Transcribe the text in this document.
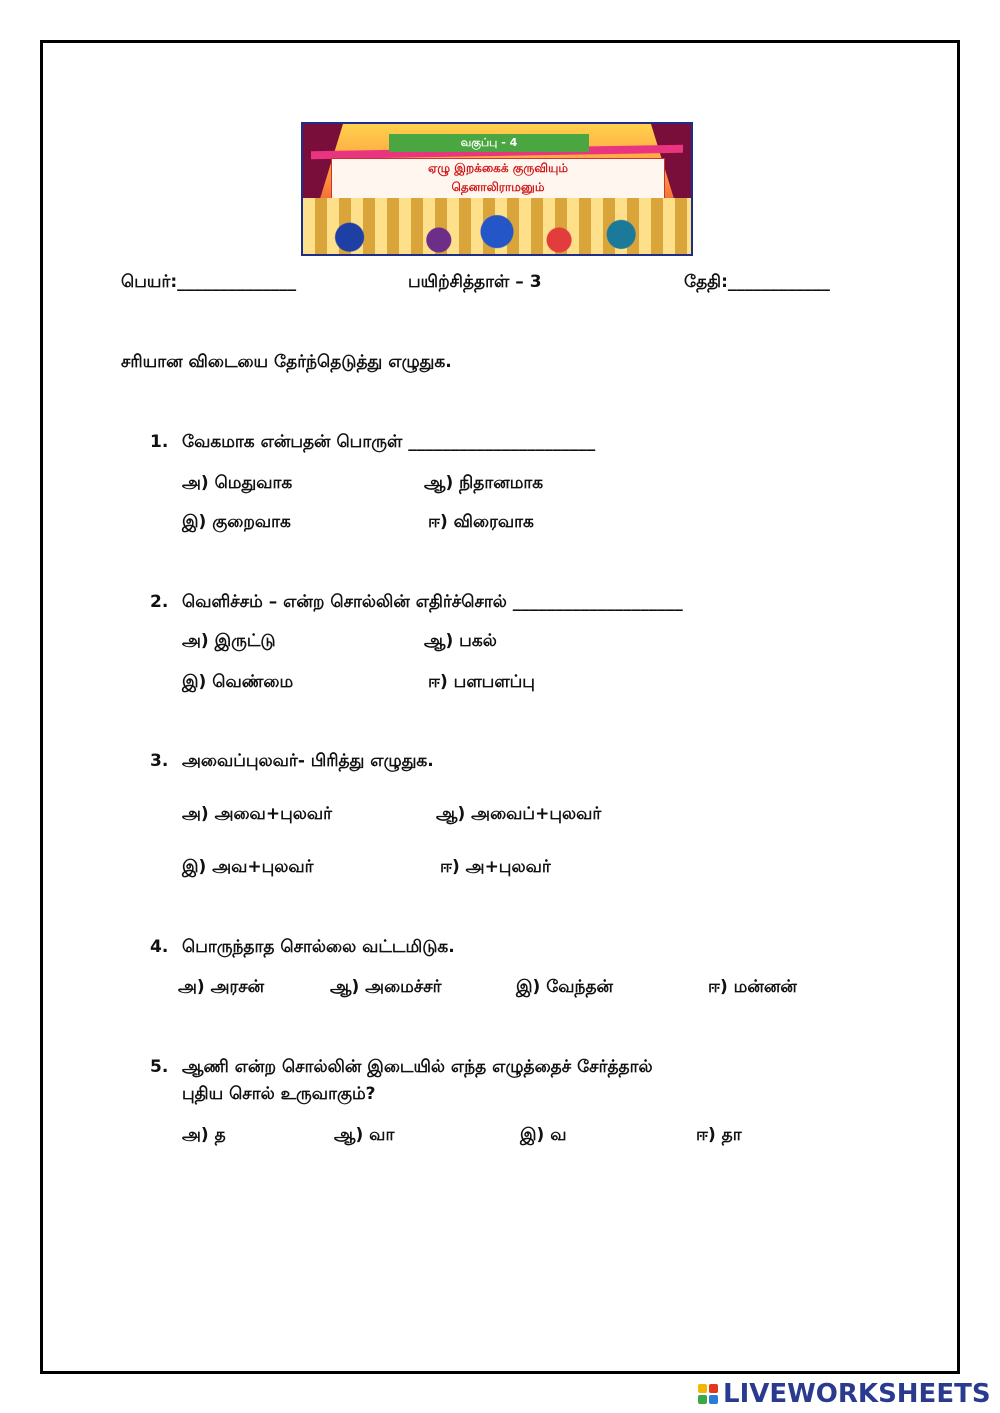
வகுப்பு - 4
ஏழு இறக்கைக் குருவியும்
தெனாலிராமனும்
பெயர்:______________	பயிற்சித்தாள் – 3	தேதி:____________
சரியான விடையை தேர்ந்தெடுத்து எழுதுக.
1. வேகமாக என்பதன் பொருள் ______________________
அ) மெதுவாக	ஆ) நிதானமாக
இ) குறைவாக	ஈ) விரைவாக
2. வெளிச்சம் – என்ற சொல்லின் எதிர்ச்சொல் ____________________
அ) இருட்டு	ஆ) பகல்
இ) வெண்மை	ஈ) பளபளப்பு
3. அவைப்புலவர்- பிரித்து எழுதுக.
அ) அவை+புலவர்	ஆ) அவைப்+புலவர்
இ) அவ+புலவர்	ஈ) அ+புலவர்
4. பொருந்தாத சொல்லை வட்டமிடுக.
அ) அரசன்	ஆ) அமைச்சர்	இ) வேந்தன்	ஈ) மன்னன்
5. ஆணி என்ற சொல்லின் இடையில் எந்த எழுத்தைச் சேர்த்தால்
புதிய சொல் உருவாகும்?
அ) த	ஆ) வா	இ) வ	ஈ) தா
LIVEWORKSHEETS
